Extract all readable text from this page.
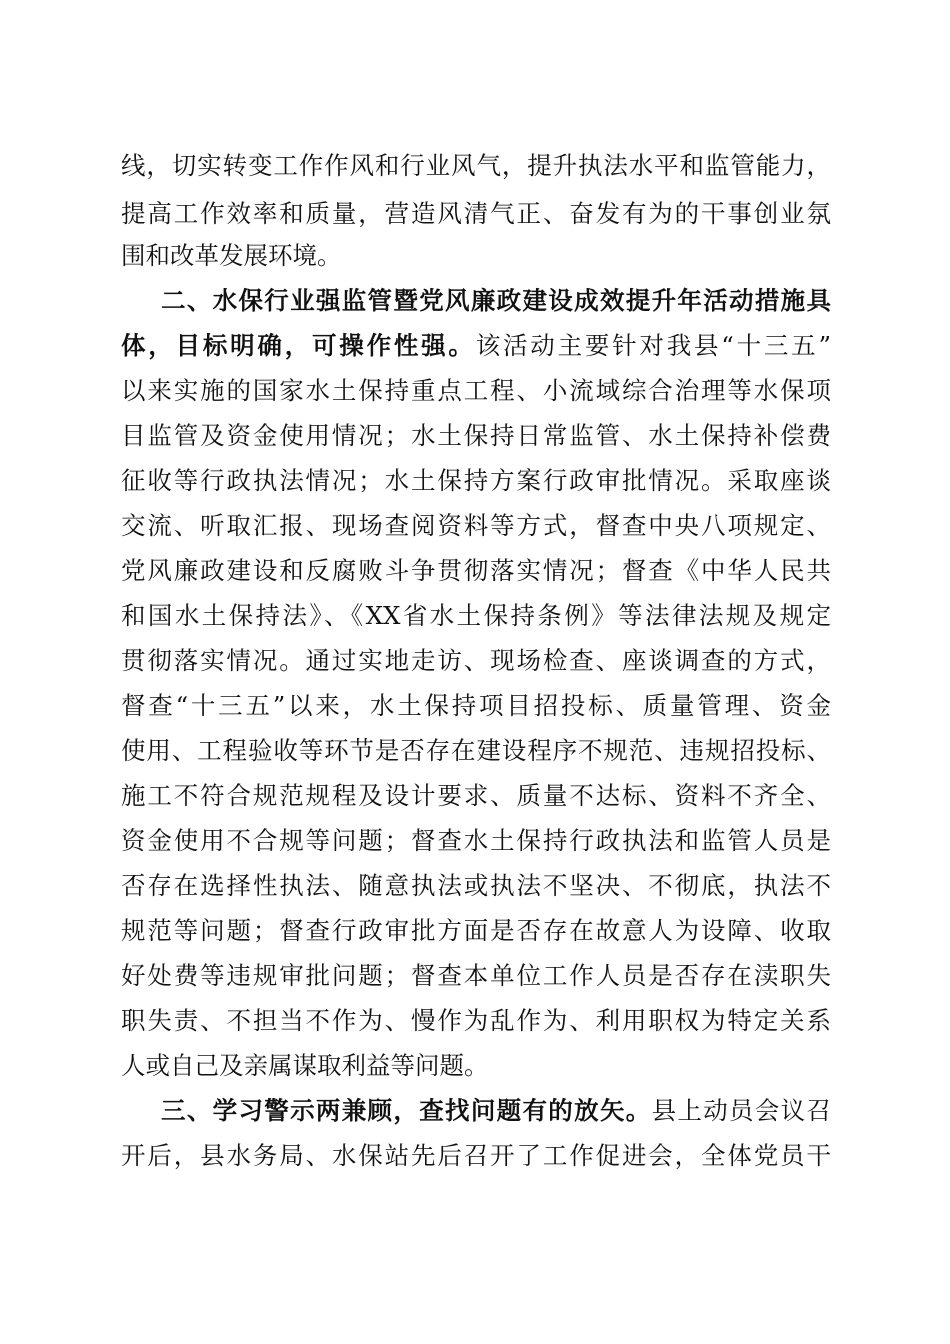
线，切实转变工作作风和行业风气，提升执法水平和监管能力，
提高工作效率和质量，营造风清气正、奋发有为的干事创业氛
围和改革发展环境。
二、水保行业强监管暨党风廉政建设成效提升年活动措施具
体，目标明确，可操作性强。该活动主要针对我县“十三五”
以来实施的国家水土保持重点工程、小流域综合治理等水保项
目监管及资金使用情况；水土保持日常监管、水土保持补偿费
征收等行政执法情况；水土保持方案行政审批情况。采取座谈
交流、听取汇报、现场查阅资料等方式，督查中央八项规定、
党风廉政建设和反腐败斗争贯彻落实情况；督查《中华人民共
和国水土保持法》、《XX省水土保持条例》等法律法规及规定
贯彻落实情况。通过实地走访、现场检查、座谈调查的方式，
督查“十三五”以来，水土保持项目招投标、质量管理、资金
使用、工程验收等环节是否存在建设程序不规范、违规招投标、
施工不符合规范规程及设计要求、质量不达标、资料不齐全、
资金使用不合规等问题；督查水土保持行政执法和监管人员是
否存在选择性执法、随意执法或执法不坚决、不彻底，执法不
规范等问题；督查行政审批方面是否存在故意人为设障、收取
好处费等违规审批问题；督查本单位工作人员是否存在渎职失
职失责、不担当不作为、慢作为乱作为、利用职权为特定关系
人或自己及亲属谋取利益等问题。
三、学习警示两兼顾，查找问题有的放矢。县上动员会议召
开后，县水务局、水保站先后召开了工作促进会，全体党员干
